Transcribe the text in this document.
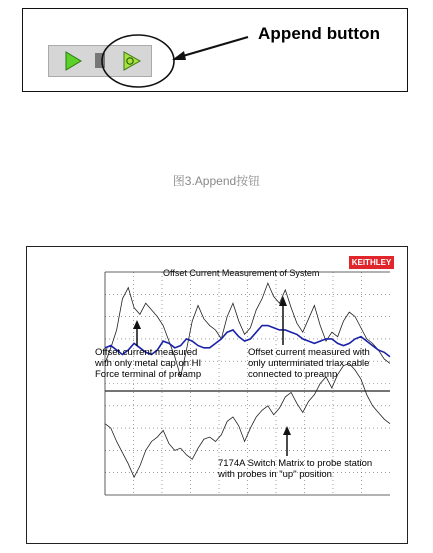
Append button
图3.Append按钮
KEITHLEY
Offset Current Measurement of System
Offset current measured
with only metal cap on HI
Force terminal of preamp
Offset current measured with
only unterminated triax cable
connected to preamp
7174A Switch Matrix to probe station
with probes in "up" position
